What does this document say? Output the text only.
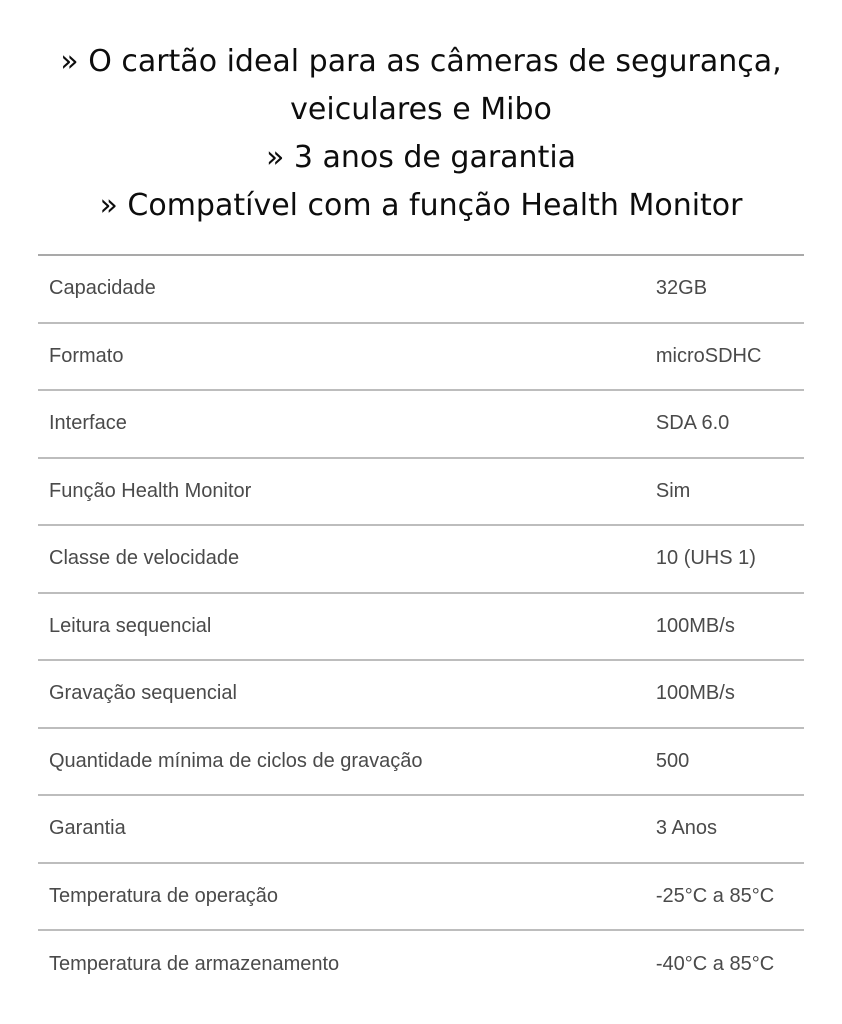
» O cartão ideal para as câmeras de segurança,
veiculares e Mibo
» 3 anos de garantia
» Compatível com a função Health Monitor
Capacidade	32GB
Formato	microSDHC
Interface	SDA 6.0
Função Health Monitor	Sim
Classe de velocidade	10 (UHS 1)
Leitura sequencial	100MB/s
Gravação sequencial	100MB/s
Quantidade mínima de ciclos de gravação	500
Garantia	3 Anos
Temperatura de operação	-25°C a 85°C
Temperatura de armazenamento	-40°C a 85°C
